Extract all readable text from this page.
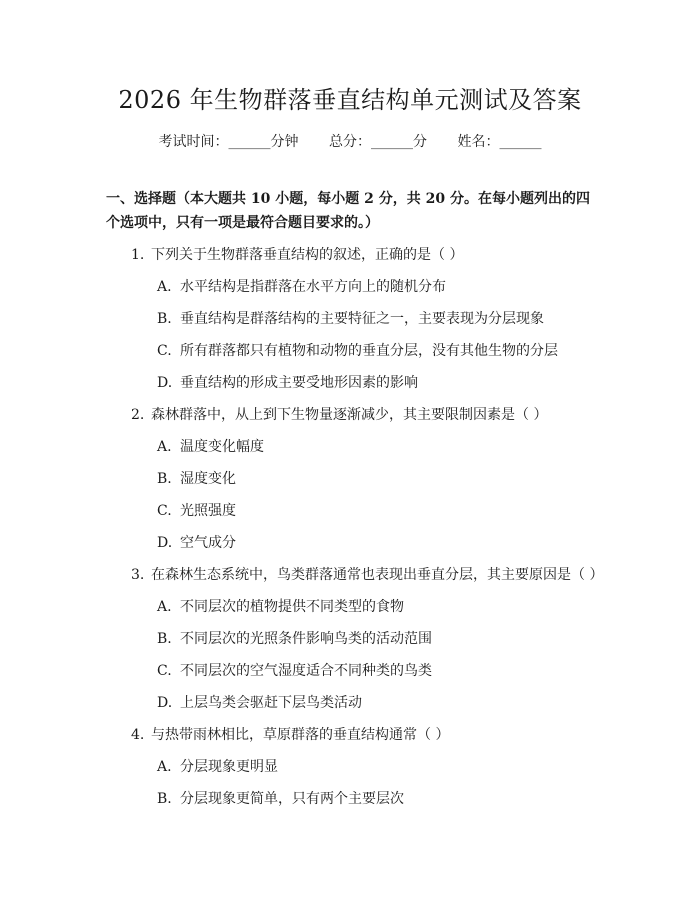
2026 年生物群落垂直结构单元测试及答案
考试时间：______分钟 总分：______分 姓名：______
一、选择题（本大题共 10 小题，每小题 2 分，共 20 分。在每小题列出的四个选项中，只有一项是最符合题目要求的。）
1. 下列关于生物群落垂直结构的叙述，正确的是（ ）
A. 水平结构是指群落在水平方向上的随机分布
B. 垂直结构是群落结构的主要特征之一，主要表现为分层现象
C. 所有群落都只有植物和动物的垂直分层，没有其他生物的分层
D. 垂直结构的形成主要受地形因素的影响
2. 森林群落中，从上到下生物量逐渐减少，其主要限制因素是（ ）
A. 温度变化幅度
B. 湿度变化
C. 光照强度
D. 空气成分
3. 在森林生态系统中，鸟类群落通常也表现出垂直分层，其主要原因是（ ）
A. 不同层次的植物提供不同类型的食物
B. 不同层次的光照条件影响鸟类的活动范围
C. 不同层次的空气湿度适合不同种类的鸟类
D. 上层鸟类会驱赶下层鸟类活动
4. 与热带雨林相比，草原群落的垂直结构通常（ ）
A. 分层现象更明显
B. 分层现象更简单，只有两个主要层次
